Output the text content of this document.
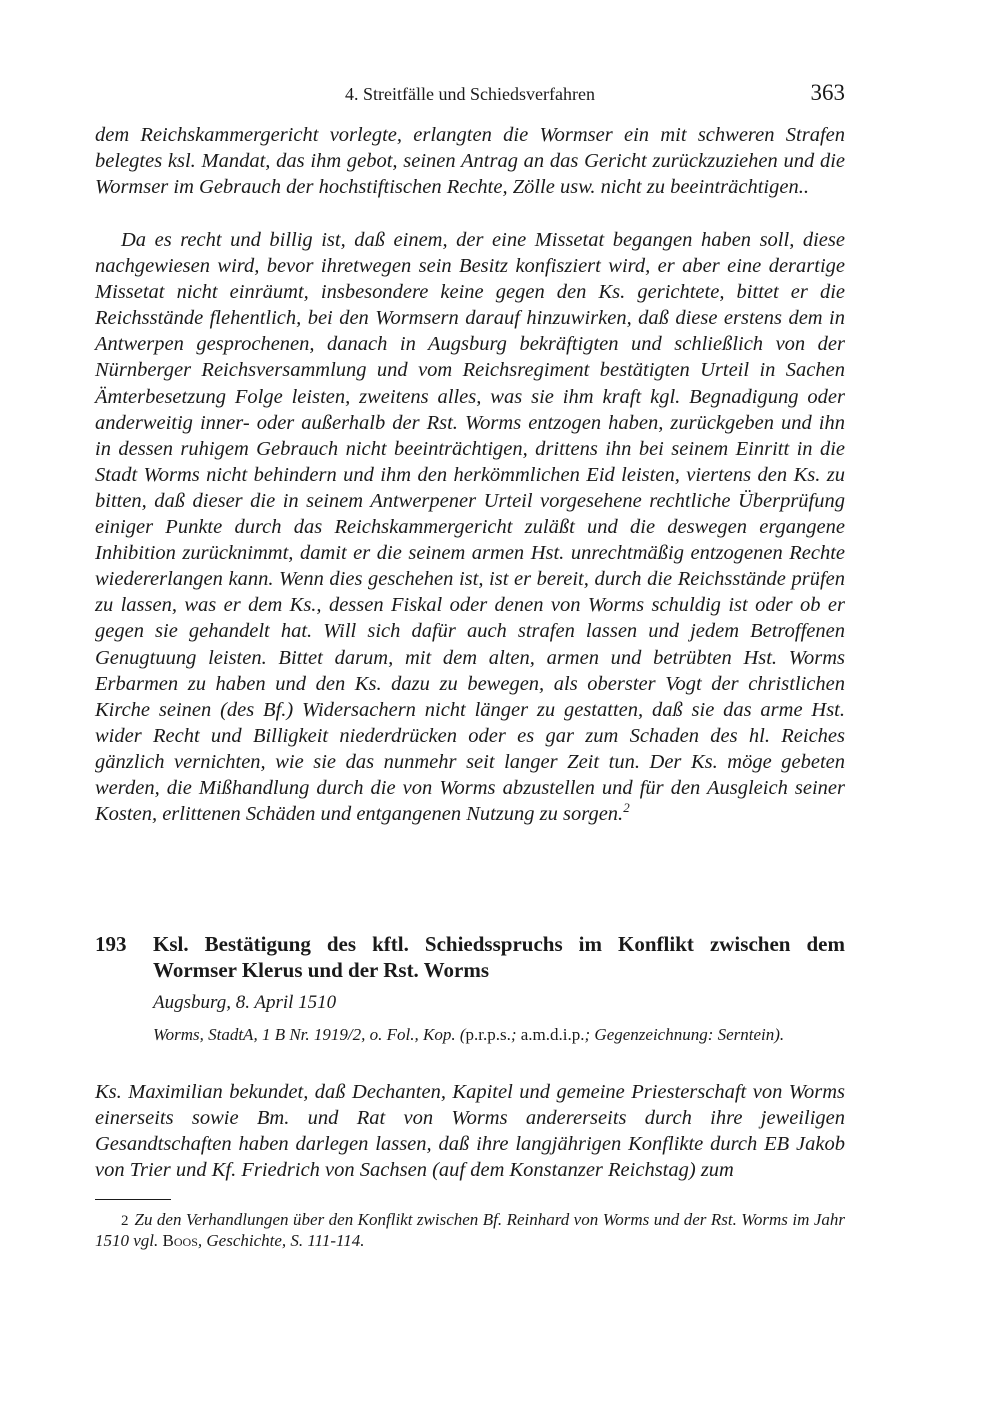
4. Streitfälle und Schiedsverfahren	363

dem Reichskammergericht vorlegte, erlangten die Wormser ein mit schweren Strafen belegtes ksl. Mandat, das ihm gebot, seinen Antrag an das Gericht zurückzuziehen und die Wormser im Gebrauch der hochstiftischen Rechte, Zölle usw. nicht zu beeinträchtigen..

Da es recht und billig ist, daß einem, der eine Missetat begangen haben soll, diese nachgewiesen wird, bevor ihretwegen sein Besitz konfisziert wird, er aber eine derartige Missetat nicht einräumt, insbesondere keine gegen den Ks. gerichtete, bittet er die Reichsstände flehentlich, bei den Wormsern darauf hinzuwirken, daß diese erstens dem in Antwerpen gesprochenen, danach in Augsburg bekräftigten und schließlich von der Nürnberger Reichsversammlung und vom Reichsregiment bestätigten Urteil in Sachen Ämterbesetzung Folge leisten, zweitens alles, was sie ihm kraft kgl. Begnadigung oder anderweitig inner- oder außerhalb der Rst. Worms entzogen haben, zurückgeben und ihn in dessen ruhigem Gebrauch nicht beeinträchtigen, drittens ihn bei seinem Einritt in die Stadt Worms nicht behindern und ihm den herkömmlichen Eid leisten, viertens den Ks. zu bitten, daß dieser die in seinem Antwerpener Urteil vorgesehene rechtliche Überprüfung einiger Punkte durch das Reichskammergericht zuläßt und die deswegen ergangene Inhibition zurücknimmt, damit er die seinem armen Hst. unrechtmäßig entzogenen Rechte wiedererlangen kann. Wenn dies geschehen ist, ist er bereit, durch die Reichsstände prüfen zu lassen, was er dem Ks., dessen Fiskal oder denen von Worms schuldig ist oder ob er gegen sie gehandelt hat. Will sich dafür auch strafen lassen und jedem Betroffenen Genugtuung leisten. Bittet darum, mit dem alten, armen und betrübten Hst. Worms Erbarmen zu haben und den Ks. dazu zu bewegen, als oberster Vogt der christlichen Kirche seinen (des Bf.) Widersachern nicht länger zu gestatten, daß sie das arme Hst. wider Recht und Billigkeit niederdrücken oder es gar zum Schaden des hl. Reiches gänzlich vernichten, wie sie das nunmehr seit langer Zeit tun. Der Ks. möge gebeten werden, die Mißhandlung durch die von Worms abzustellen und für den Ausgleich seiner Kosten, erlittenen Schäden und entgangenen Nutzung zu sorgen.$^2$

193 Ksl. Bestätigung des kftl. Schiedsspruchs im Konflikt zwischen dem Wormser Klerus und der Rst. Worms

Augsburg, 8. April 1510

Worms, StadtA, 1 B Nr. 1919/2, o. Fol., Kop. (p.r.p.s.; a.m.d.i.p.; Gegenzeichnung: Serntein).

Ks. Maximilian bekundet, daß Dechanten, Kapitel und gemeine Priesterschaft von Worms einerseits sowie Bm. und Rat von Worms andererseits durch ihre jeweiligen Gesandtschaften haben darlegen lassen, daß ihre langjährigen Konflikte durch EB Jakob von Trier und Kf. Friedrich von Sachsen (auf dem Konstanzer Reichstag) zum

2 Zu den Verhandlungen über den Konflikt zwischen Bf. Reinhard von Worms und der Rst. Worms im Jahr 1510 vgl. Boos, Geschichte, S. 111-114.
